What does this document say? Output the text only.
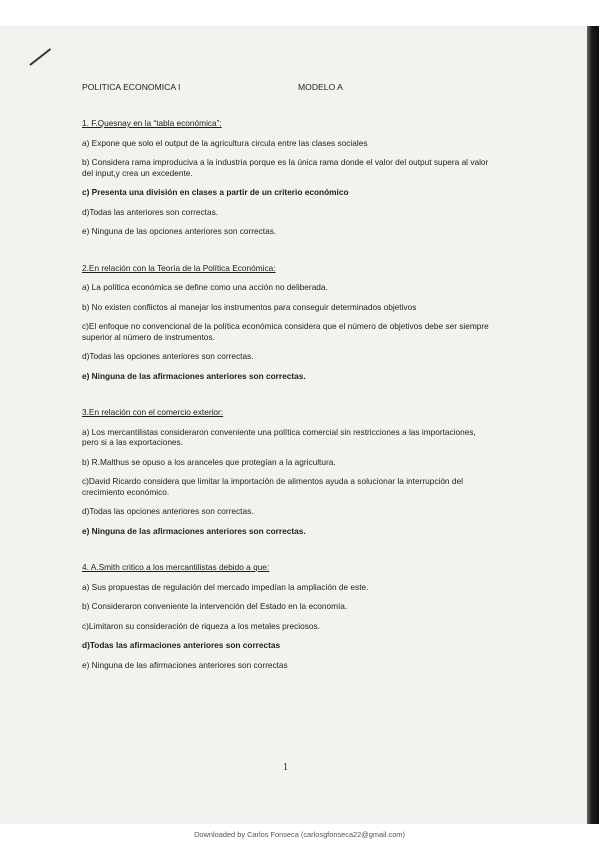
POLITICA ECONOMICA I	MODELO A
1. F.Quesnay en la “tabla económica”:
a) Expone que solo el output de la agricultura circula entre las clases sociales
b) Considera rama improduciva a la industria porque es la única rama donde el valor del output supera al valor del input,y crea un excedente.
c) Presenta una división en clases a partir de un criterio económico
d)Todas las anteriores son correctas.
e) Ninguna de las opciones anteriores son correctas.
2.En relación con la Teoría de la Política Económica:
a) La política económica se define como una acción no deliberada.
b) No existen conflictos al manejar los instrumentos para conseguir determinados objetivos
c)El enfoque no convencional de la política económica considera que el número de objetivos debe ser siempre superior al número de instrumentos.
d)Todas las opciones anteriores son correctas.
e) Ninguna de las afirmaciones anteriores son correctas.
3.En relación con el comercio exterior:
a) Los mercantilistas consideraron conveniente una política comercial sin restricciones a las importaciones, pero si a las exportaciones.
b) R.Malthus se opuso a los aranceles que protegían a la agricultura.
c)David Ricardo considera que limitar la importación de alimentos ayuda a solucionar la interrupción del crecimiento económico.
d)Todas las opciones anteriores son correctas.
e) Ninguna de las afirmaciones anteriores son correctas.
4. A.Smith critico a los mercantilistas debido a que:
a) Sus propuestas de regulación del mercado impedían la ampliación de este.
b) Consideraron conveniente la intervención del Estado en la economía.
c)Limitaron su consideración de riqueza a los metales preciosos.
d)Todas las afirmaciones anteriores son correctas
e) Ninguna de las afirmaciones anteriores son correctas
1
Downloaded by Carlos Fonseca (carlosgfonseca22@gmail.com)
